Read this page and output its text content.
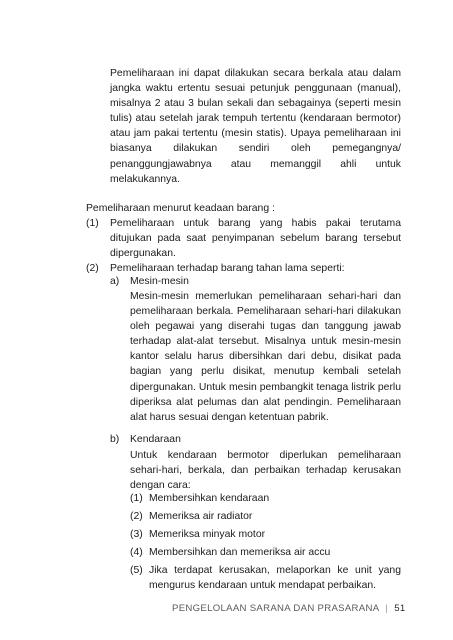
Pemeliharaan ini dapat dilakukan secara berkala atau dalam jangka waktu ertentu sesuai petunjuk penggunaan (manual), misalnya 2 atau 3 bulan sekali dan sebagainya (seperti mesin tulis) atau setelah jarak tempuh tertentu (kendaraan bermotor) atau jam pakai tertentu (mesin statis). Upaya pemeliharaan ini biasanya dilakukan sendiri oleh pemegangnya/ penanggungjawabnya atau memanggil ahli untuk melakukannya.

Pemeliharaan menurut keadaan barang :

(1) Pemeliharaan untuk barang yang habis pakai terutama ditujukan pada saat penyimpanan sebelum barang tersebut dipergunakan.

(2) Pemeliharaan terhadap barang tahan lama seperti:

a) Mesin-mesin

Mesin-mesin memerlukan pemeliharaan sehari-hari dan pemeliharaan berkala. Pemeliharaan sehari-hari dilakukan oleh pegawai yang diserahi tugas dan tanggung jawab terhadap alat-alat tersebut. Misalnya untuk mesin-mesin kantor selalu harus dibersihkan dari debu, disikat pada bagian yang perlu disikat, menutup kembali setelah dipergunakan. Untuk mesin pembangkit tenaga listrik perlu diperiksa alat pelumas dan alat pendingin. Pemeliharaan alat harus sesuai dengan ketentuan pabrik.

b) Kendaraan

Untuk kendaraan bermotor diperlukan pemeliharaan sehari-hari, berkala, dan perbaikan terhadap kerusakan dengan cara:

(1) Membersihkan kendaraan
(2) Memeriksa air radiator
(3) Memeriksa minyak motor
(4) Membersihkan dan memeriksa air accu
(5) Jika terdapat kerusakan, melaporkan ke unit yang mengurus kendaraan untuk mendapat perbaikan.
PENGELOLAAN SARANA DAN PRASARANA | 51
